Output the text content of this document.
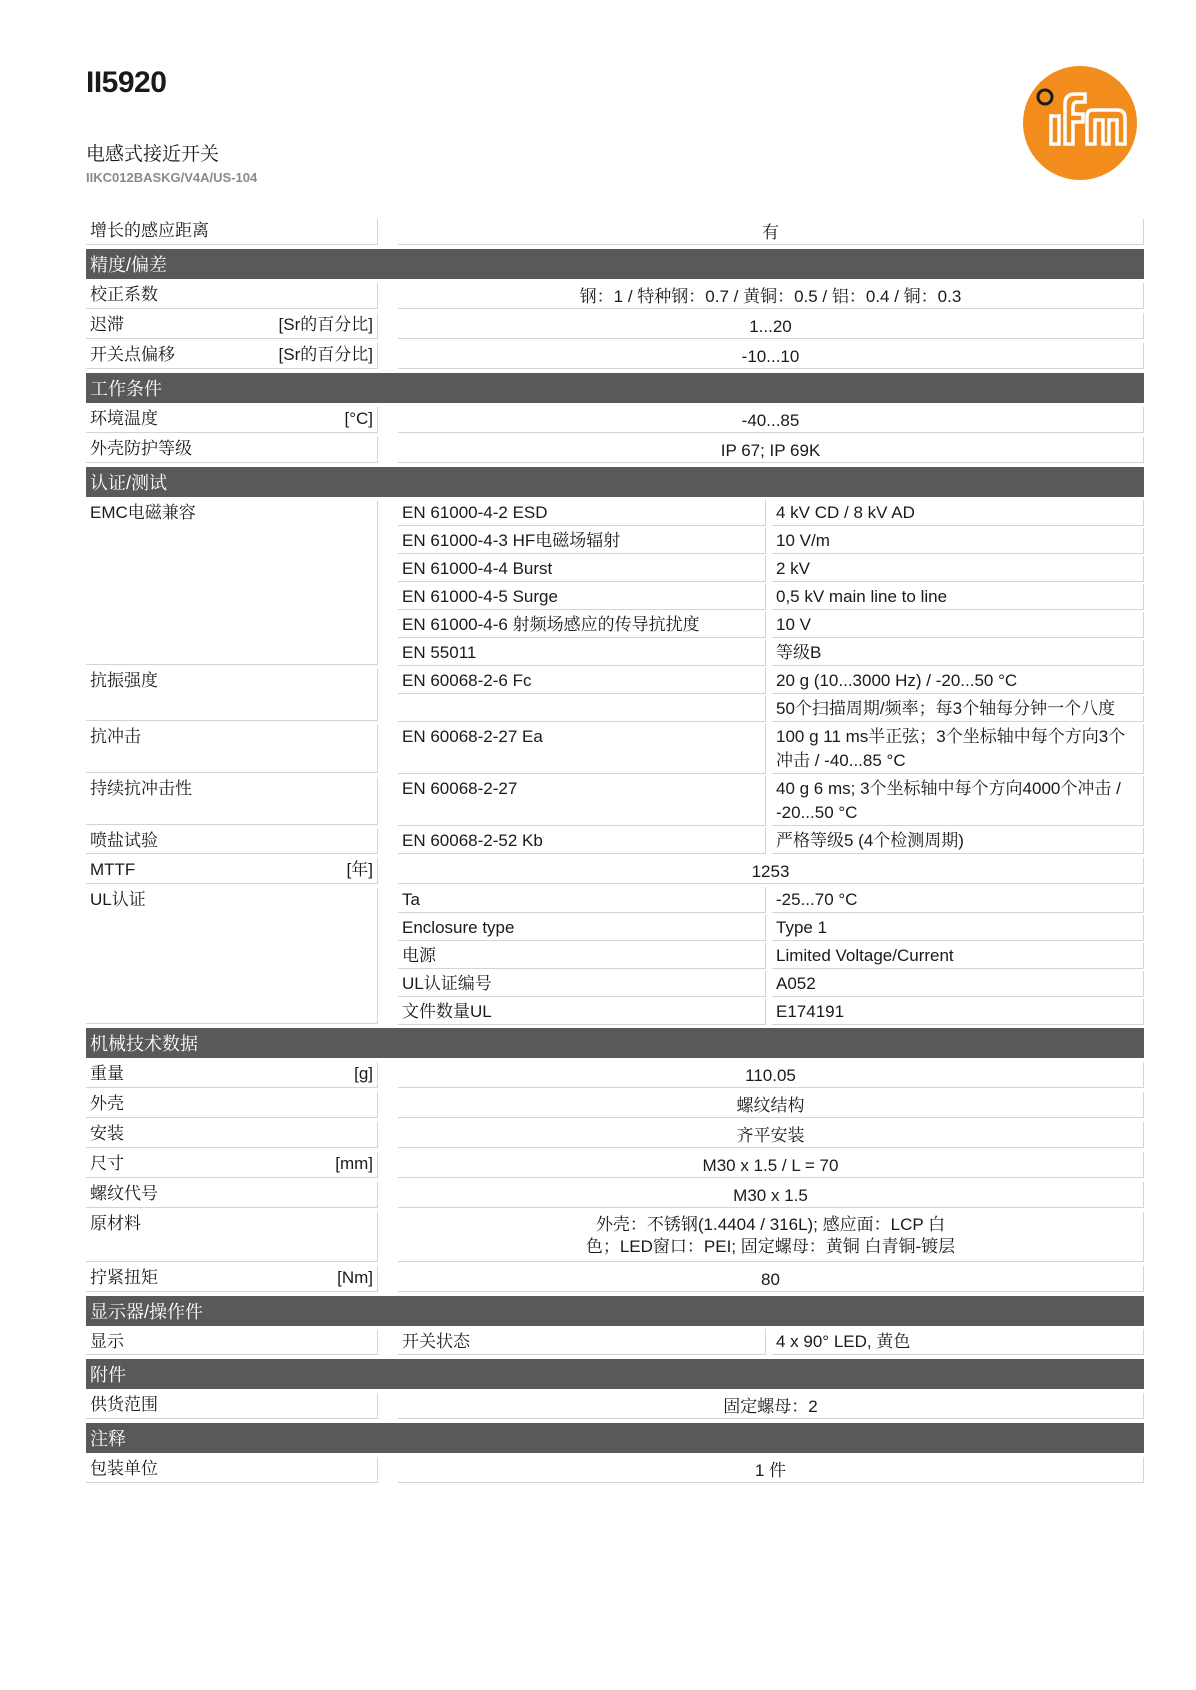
II5920
电感式接近开关
IIKC012BASKG/V4A/US-104
增长的感应距离	有
精度/偏差
校正系数	钢：1 / 特种钢：0.7 / 黄铜：0.5 / 铝：0.4 / 铜：0.3
迟滞	[Sr的百分比]	1...20
开关点偏移	[Sr的百分比]	-10...10
工作条件
环境温度	[°C]	-40...85
外壳防护等级	IP 67; IP 69K
认证/测试
EMC电磁兼容	EN 61000-4-2 ESD	4 kV CD / 8 kV AD
EN 61000-4-3 HF电磁场辐射	10 V/m
EN 61000-4-4 Burst	2 kV
EN 61000-4-5 Surge	0,5 kV main line to line
EN 61000-4-6 射频场感应的传导抗扰度	10 V
EN 55011	等级B
抗振强度	EN 60068-2-6 Fc	20 g (10...3000 Hz) / -20...50 °C
50个扫描周期/频率；每3个轴每分钟一个八度
抗冲击	EN 60068-2-27 Ea	100 g 11 ms半正弦；3个坐标轴中每个方向3个冲击 / -40...85 °C
持续抗冲击性	EN 60068-2-27	40 g 6 ms; 3个坐标轴中每个方向4000个冲击 / -20...50 °C
喷盐试验	EN 60068-2-52 Kb	严格等级5 (4个检测周期)
MTTF	[年]	1253
UL认证	Ta	-25...70 °C
Enclosure type	Type 1
电源	Limited Voltage/Current
UL认证编号	A052
文件数量UL	E174191
机械技术数据
重量	[g]	110.05
外壳	螺纹结构
安装	齐平安装
尺寸	[mm]	M30 x 1.5 / L = 70
螺纹代号	M30 x 1.5
原材料	外壳：不锈钢(1.4404 / 316L); 感应面：LCP 白
色；LED窗口：PEI; 固定螺母：黄铜 白青铜-镀层
拧紧扭矩	[Nm]	80
显示器/操作件
显示	开关状态	4 x 90° LED, 黄色
附件
供货范围	固定螺母：2
注释
包装单位	1 件
